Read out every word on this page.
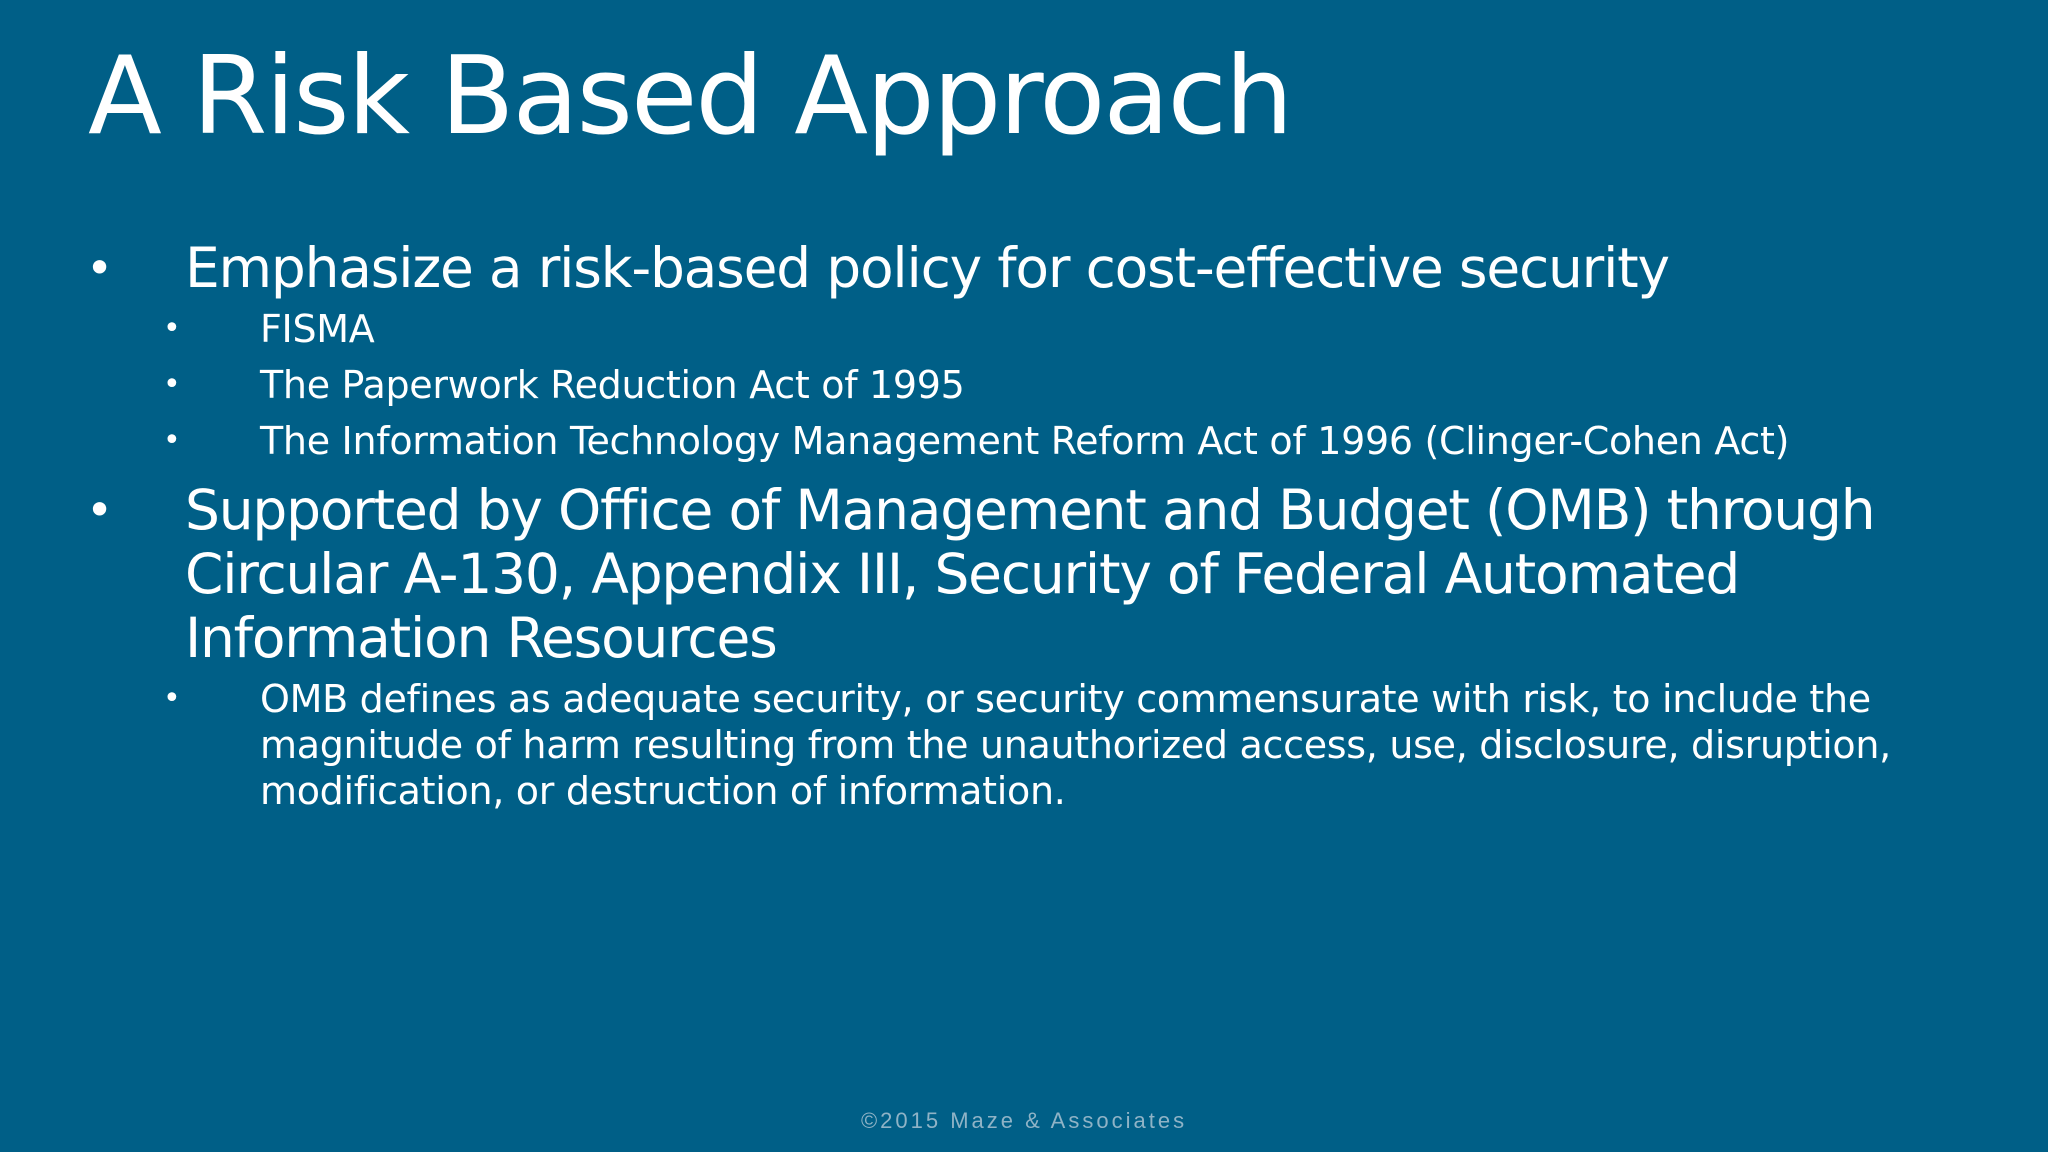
A Risk Based Approach
• Emphasize a risk-based policy for cost-effective security
• FISMA
• The Paperwork Reduction Act of 1995
• The Information Technology Management Reform Act of 1996 (Clinger-Cohen Act)
• Supported by Office of Management and Budget (OMB) through Circular A-130, Appendix III, Security of Federal Automated Information Resources
• OMB defines as adequate security, or security commensurate with risk, to include the magnitude of harm resulting from the unauthorized access, use, disclosure, disruption, modification, or destruction of information.
©2015 Maze & Associates
